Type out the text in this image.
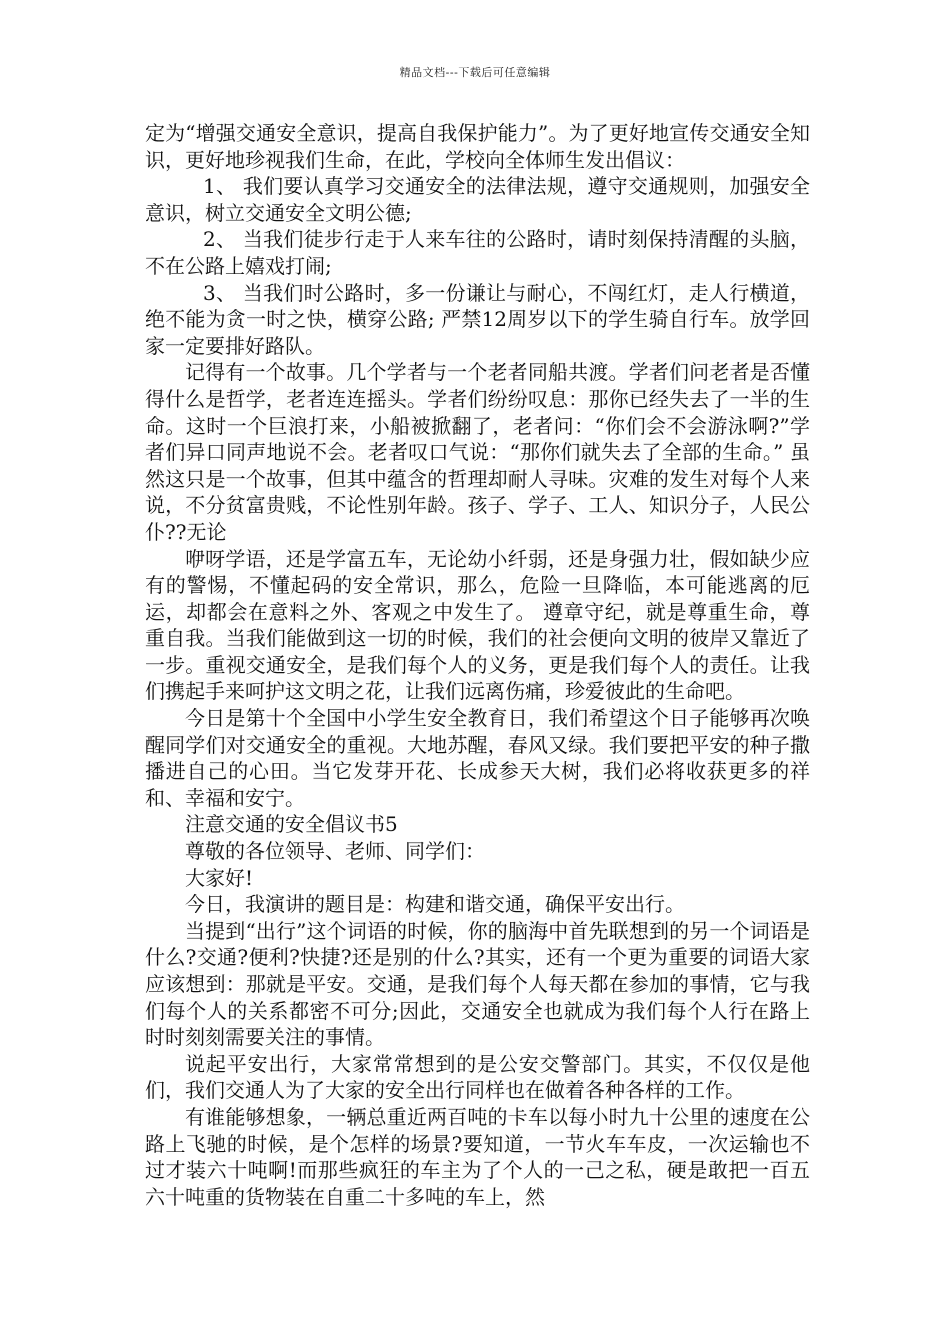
精品文档---下载后可任意编辑

定为“增强交通安全意识，提高自我保护能力”。为了更好地宣传交通安全知识，更好地珍视我们生命，在此，学校向全体师生发出倡议：

1、 我们要认真学习交通安全的法律法规，遵守交通规则，加强安全意识，树立交通安全文明公德;

2、 当我们徒步行走于人来车往的公路时，请时刻保持清醒的头脑，不在公路上嬉戏打闹;

3、 当我们时公路时，多一份谦让与耐心，不闯红灯，走人行横道，绝不能为贪一时之快，横穿公路; 严禁12周岁以下的学生骑自行车。放学回家一定要排好路队。

记得有一个故事。几个学者与一个老者同船共渡。学者们问老者是否懂得什么是哲学，老者连连摇头。学者们纷纷叹息：那你已经失去了一半的生命。这时一个巨浪打来，小船被掀翻了，老者问：“你们会不会游泳啊?”学者们异口同声地说不会。老者叹口气说：“那你们就失去了全部的生命。” 虽然这只是一个故事，但其中蕴含的哲理却耐人寻味。灾难的发生对每个人来说，不分贫富贵贱，不论性别年龄。孩子、学子、工人、知识分子，人民公仆??无论

咿呀学语，还是学富五车，无论幼小纤弱，还是身强力壮，假如缺少应有的警惕，不懂起码的安全常识，那么，危险一旦降临，本可能逃离的厄运，却都会在意料之外、客观之中发生了。 遵章守纪，就是尊重生命，尊重自我。当我们能做到这一切的时候，我们的社会便向文明的彼岸又靠近了一步。重视交通安全，是我们每个人的义务，更是我们每个人的责任。让我们携起手来呵护这文明之花，让我们远离伤痛，珍爱彼此的生命吧。

今日是第十个全国中小学生安全教育日，我们希望这个日子能够再次唤醒同学们对交通安全的重视。大地苏醒，春风又绿。我们要把平安的种子撒播进自己的心田。当它发芽开花、长成参天大树，我们必将收获更多的祥和、幸福和安宁。

注意交通的安全倡议书5

尊敬的各位领导、老师、同学们：

大家好!

今日，我演讲的题目是：构建和谐交通，确保平安出行。

当提到“出行”这个词语的时候，你的脑海中首先联想到的另一个词语是什么?交通?便利?快捷?还是别的什么?其实，还有一个更为重要的词语大家应该想到：那就是平安。交通，是我们每个人每天都在参加的事情，它与我们每个人的关系都密不可分;因此，交通安全也就成为我们每个人行在路上时时刻刻需要关注的事情。

说起平安出行，大家常常想到的是公安交警部门。其实，不仅仅是他们，我们交通人为了大家的安全出行同样也在做着各种各样的工作。

有谁能够想象，一辆总重近两百吨的卡车以每小时九十公里的速度在公路上飞驰的时候，是个怎样的场景?要知道，一节火车车皮，一次运输也不过才装六十吨啊!而那些疯狂的车主为了个人的一己之私，硬是敢把一百五六十吨重的货物装在自重二十多吨的车上，然
